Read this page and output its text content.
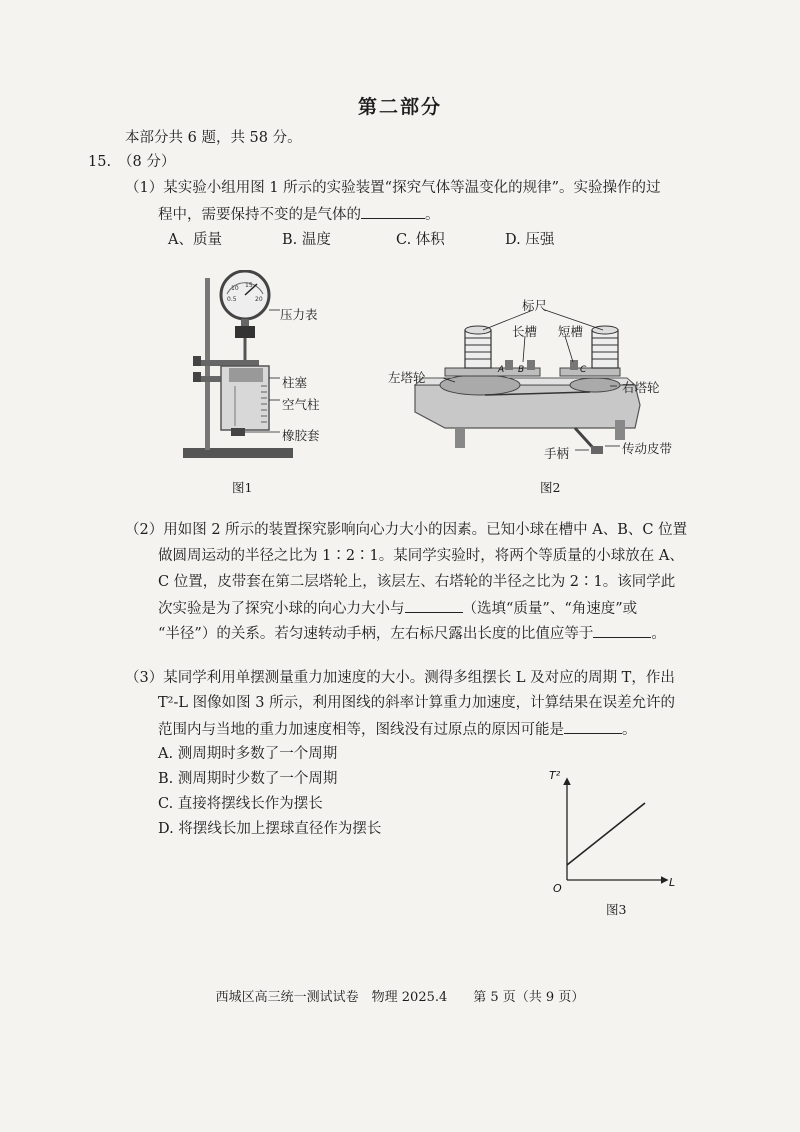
第二部分
本部分共 6 题，共 58 分。
15. （8 分）
（1）某实验小组用图 1 所示的实验装置“探究气体等温变化的规律”。实验操作的过
程中，需要保持不变的是气体的	。
A、质量	B. 温度	C. 体积	D. 压强
10 15
0.5	20
压力表
柱塞
空气柱
橡胶套
图1
A B	C
标尺
长槽 短槽
左塔轮
右塔轮
手柄	传动皮带
图2
（2）用如图 2 所示的装置探究影响向心力大小的因素。已知小球在槽中 A、B、C 位置
做圆周运动的半径之比为 1∶2∶1。某同学实验时，将两个等质量的小球放在 A、
C 位置，皮带套在第二层塔轮上，该层左、右塔轮的半径之比为 2∶1。该同学此
次实验是为了探究小球的向心力大小与	（选填“质量”、“角速度”或
“半径”）的关系。若匀速转动手柄，左右标尺露出长度的比值应等于	。
（3）某同学利用单摆测量重力加速度的大小。测得多组摆长 L 及对应的周期 T，作出
T²-L 图像如图 3 所示，利用图线的斜率计算重力加速度，计算结果在误差允许的
范围内与当地的重力加速度相等，图线没有过原点的原因可能是	。
A. 测周期时多数了一个周期
B. 测周期时少数了一个周期
C. 直接将摆线长作为摆长
D. 将摆线长加上摆球直径作为摆长
T²
L
O
图3
西城区高三统一测试试卷　物理 2025.4　　第 5 页（共 9 页）
